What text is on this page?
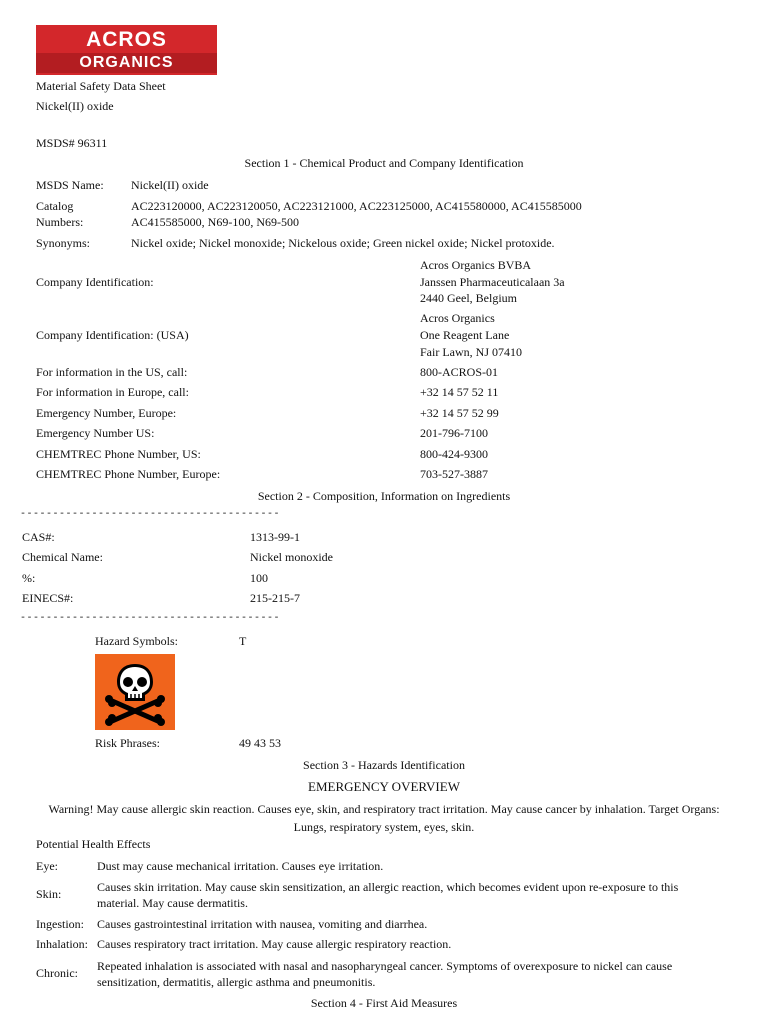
ACROS
ORGANICS
Material Safety Data Sheet
Nickel(II) oxide
MSDS# 96311
Section 1 - Chemical Product and Company Identification
MSDS Name: Nickel(II) oxide
Catalog
Numbers:
AC223120000, AC223120050, AC223121000, AC223125000, AC415580000, AC415585000
AC415585000, N69-100, N69-500
Synonyms:	Nickel oxide; Nickel monoxide; Nickelous oxide; Green nickel oxide; Nickel protoxide.
Company Identification:
Acros Organics BVBA
Janssen Pharmaceuticalaan 3a
2440 Geel, Belgium
Company Identification: (USA)
Acros Organics
One Reagent Lane
Fair Lawn, NJ 07410
For information in the US, call:	800-ACROS-01
For information in Europe, call:	+32 14 57 52 11
Emergency Number, Europe:	+32 14 57 52 99
Emergency Number US:	201-796-7100
CHEMTREC Phone Number, US:	800-424-9300
CHEMTREC Phone Number, Europe:	703-527-3887
Section 2 - Composition, Information on Ingredients
----------------------------------------
CAS#:	1313-99-1
Chemical Name:	Nickel monoxide
%:	100
EINECS#:	215-215-7
----------------------------------------
Hazard Symbols:	T
Risk Phrases:	49 43 53
Section 3 - Hazards Identification
EMERGENCY OVERVIEW
Warning! May cause allergic skin reaction. Causes eye, skin, and respiratory tract irritation. May cause cancer by inhalation. Target Organs: Lungs, respiratory system, eyes, skin.
Potential Health Effects
Eye:	Dust may cause mechanical irritation. Causes eye irritation.
Skin:	Causes skin irritation. May cause skin sensitization, an allergic reaction, which becomes evident upon re-exposure to this material. May cause dermatitis.
Ingestion: Causes gastrointestinal irritation with nausea, vomiting and diarrhea.
Inhalation: Causes respiratory tract irritation. May cause allergic respiratory reaction.
Chronic: Repeated inhalation is associated with nasal and nasopharyngeal cancer. Symptoms of overexposure to nickel can cause sensitization, dermatitis, allergic asthma and pneumonitis.
Section 4 - First Aid Measures
